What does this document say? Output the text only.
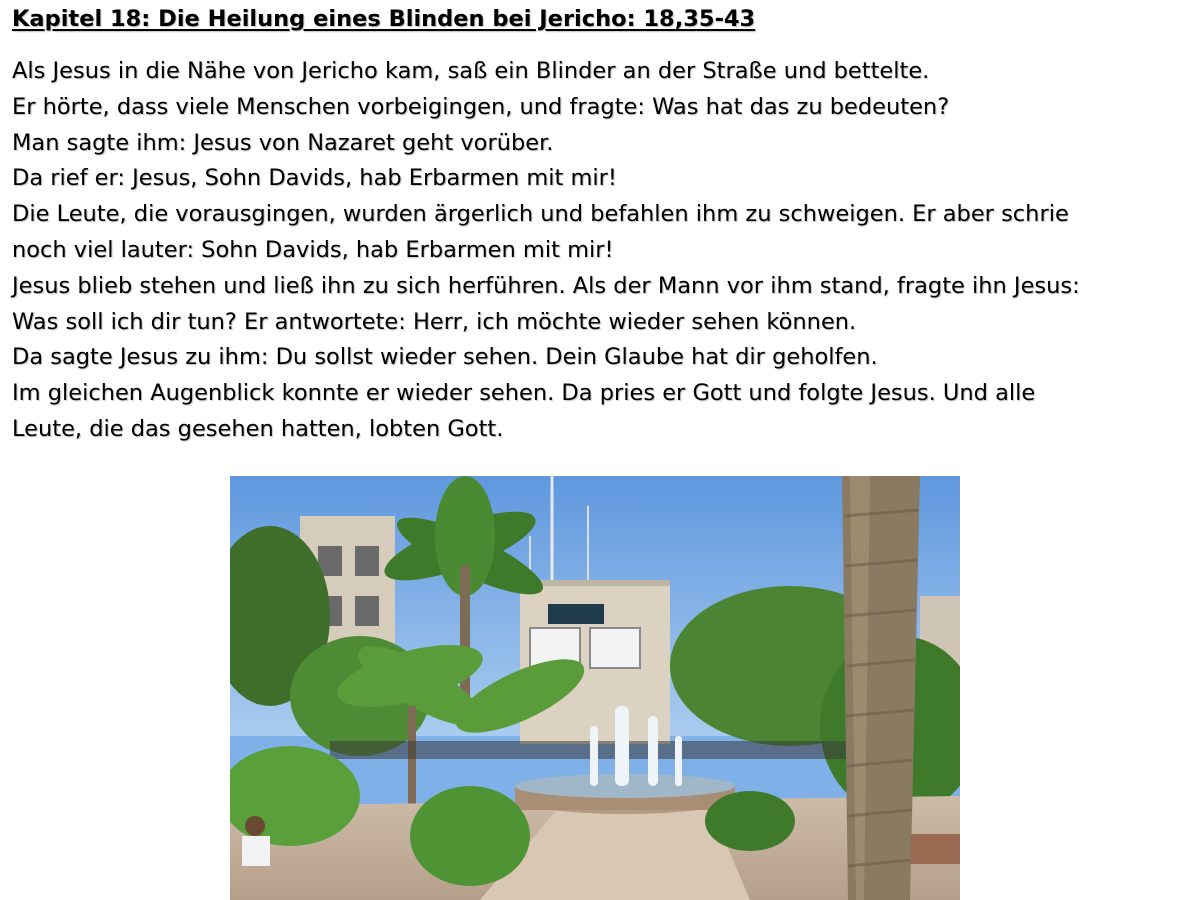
Kapitel 18: Die Heilung eines Blinden bei Jericho: 18,35-43
Als Jesus in die Nähe von Jericho kam, saß ein Blinder an der Straße und bettelte.
Er hörte, dass viele Menschen vorbeigingen, und fragte: Was hat das zu bedeuten?
Man sagte ihm: Jesus von Nazaret geht vorüber.
Da rief er: Jesus, Sohn Davids, hab Erbarmen mit mir!
Die Leute, die vorausgingen, wurden ärgerlich und befahlen ihm zu schweigen. Er aber schrie
noch viel lauter: Sohn Davids, hab Erbarmen mit mir!
Jesus blieb stehen und ließ ihn zu sich herführen. Als der Mann vor ihm stand, fragte ihn Jesus:
Was soll ich dir tun? Er antwortete: Herr, ich möchte wieder sehen können.
Da sagte Jesus zu ihm: Du sollst wieder sehen. Dein Glaube hat dir geholfen.
Im gleichen Augenblick konnte er wieder sehen. Da pries er Gott und folgte Jesus. Und alle
Leute, die das gesehen hatten, lobten Gott.
